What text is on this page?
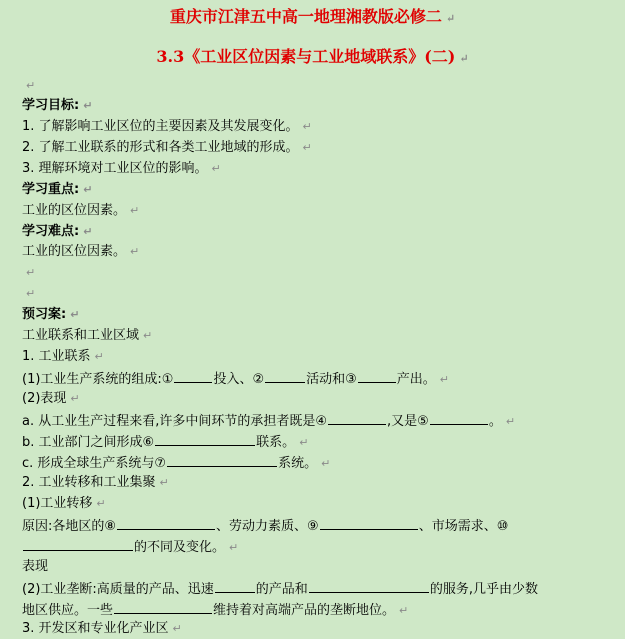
重庆市江津五中高一地理湘教版必修二 ↵
3.3《工业区位因素与工业地域联系》(二) ↵
↵
学习目标: ↵
1. 了解影响工业区位的主要因素及其发展变化。 ↵
2. 了解工业联系的形式和各类工业地域的形成。 ↵
3. 理解环境对工业区位的影响。 ↵
学习重点: ↵
工业的区位因素。 ↵
学习难点: ↵
工业的区位因素。 ↵
↵
↵
预习案: ↵
工业联系和工业区域 ↵
1. 工业联系 ↵
(1)工业生产系统的组成:①	投入、②	活动和③	产出。 ↵
(2)表现 ↵
a. 从工业生产过程来看,许多中间环节的承担者既是④	,又是⑤	。 ↵
b. 工业部门之间形成⑥	联系。 ↵
c. 形成全球生产系统与⑦	系统。 ↵
2. 工业转移和工业集聚 ↵
(1)工业转移 ↵
原因:各地区的⑧	、劳动力素质、⑨	、市场需求、⑩
的不同及变化。 ↵
表现
(2)工业垄断:高质量的产品、迅速	的产品和	的服务,几乎由少数
地区供应。一些	维持着对高端产品的垄断地位。 ↵
3. 开发区和专业化产业区 ↵
